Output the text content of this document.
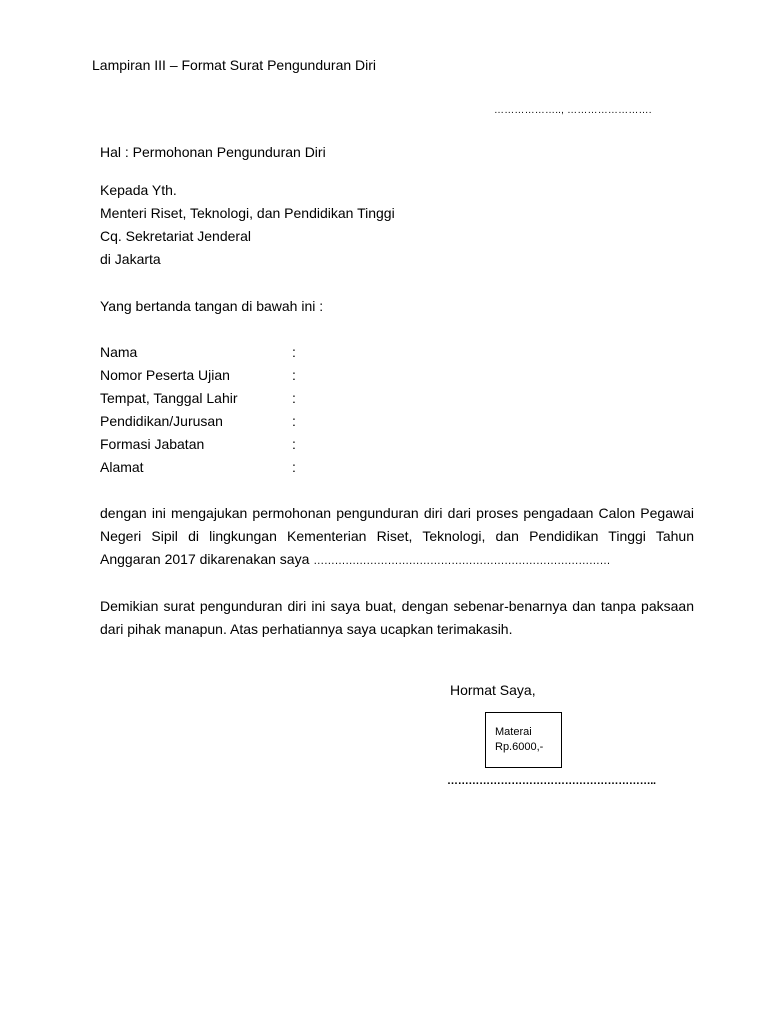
Lampiran III – Format Surat Pengunduran Diri
……………….., …………………….
Hal : Permohonan Pengunduran Diri
Kepada Yth.
Menteri Riset, Teknologi, dan Pendidikan Tinggi
Cq. Sekretariat Jenderal
di Jakarta
Yang bertanda tangan di bawah ini :
Nama	:
Nomor Peserta Ujian	:
Tempat, Tanggal Lahir	:
Pendidikan/Jurusan	:
Formasi Jabatan	:
Alamat	:
dengan ini mengajukan permohonan pengunduran diri dari proses pengadaan Calon Pegawai
Negeri Sipil di lingkungan Kementerian Riset, Teknologi, dan Pendidikan Tinggi Tahun
Anggaran 2017 dikarenakan saya …………………………………………………………………………
Demikian surat pengunduran diri ini saya buat, dengan sebenar-benarnya dan tanpa paksaan
dari pihak manapun. Atas perhatiannya saya ucapkan terimakasih.
Hormat Saya,
Materai
Rp.6000,-
…………………………………………………..
